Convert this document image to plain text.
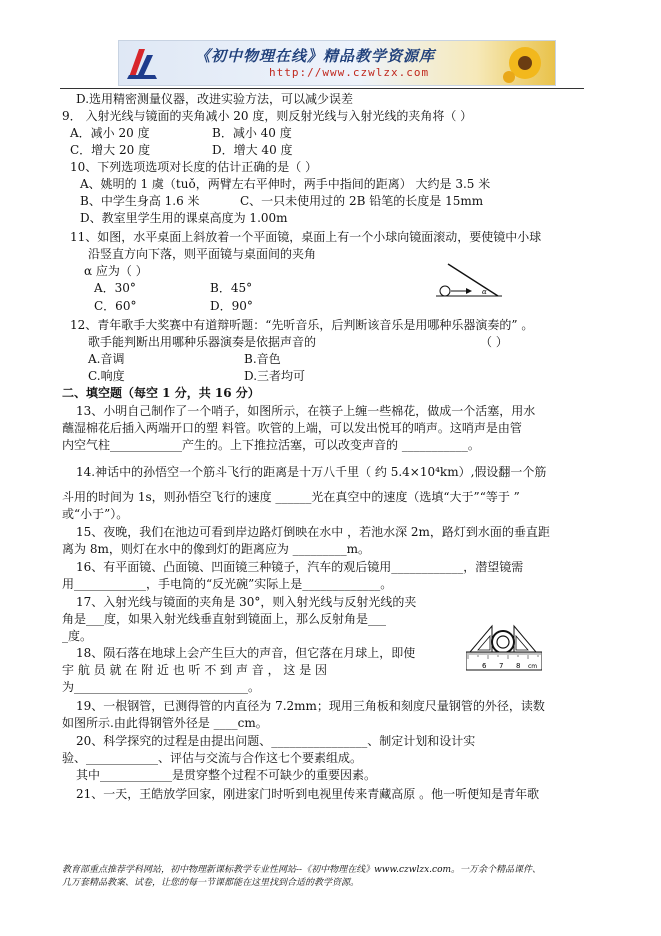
《初中物理在线》精品教学资源库
http://www.czwlzx.com
D.选用精密测量仪器，改进实验方法，可以减少误差
9． 入射光线与镜面的夹角减小 20 度，则反射光线与入射光线的夹角将（ ）
A．减小 20 度	B．减小 40 度
C．增大 20 度	D．增大 40 度
10、下列选项选项对长度的估计正确的是（ ）
A、姚明的 1 虞（tuǒ，两臂左右平伸时，两手中指间的距离） 大约是 3.5 米
B、中学生身高 1.6 米	C、一只未使用过的 2B 铅笔的长度是 15mm
D、教室里学生用的课桌高度为 1.00m
11、如图，水平桌面上斜放着一个平面镜，桌面上有一个小球向镜面滚动，要使镜中小球
沿竖直方向下落，则平面镜与桌面间的夹角
α 应为（ ）
A．30°	B．45°
C．60°	D．90°
α
12、青年歌手大奖赛中有道辩听题：“先听音乐，后判断该音乐是用哪种乐器演奏的” 。
歌手能判断出用哪种乐器演奏是依据声音的	（ ）
A.音调	B.音色
C.响度	D.三者均可
二、填空题（每空 1 分，共 16 分）
13、小明自己制作了一个哨子，如图所示，在筷子上缠一些棉花，做成一个活塞，用水
蘸湿棉花后插入两端开口的塑 料管。吹管的上端，可以发出悦耳的哨声。这哨声是由管
内空气柱____________产生的。上下推拉活塞，可以改变声音的 ___________。
14.神话中的孙悟空一个筋斗飞行的距离是十万八千里（ 约 5.4×10⁴km）,假设翻一个筋
斗用的时间为 1s，则孙悟空飞行的速度 ______光在真空中的速度（选填“大于”“等于 ”
或“小于”）。
15、夜晚，我们在池边可看到岸边路灯倒映在水中 ，若池水深 2m，路灯到水面的垂直距
离为 8m，则灯在水中的像到灯的距离应为 _________m。
16、有平面镜、凸面镜、凹面镜三种镜子，汽车的观后镜用____________，潜望镜需
用____________，手电筒的“反光碗”实际上是_____________。
17、入射光线与镜面的夹角是 30°，则入射光线与反射光线的夹
角是___度，如果入射光线垂直射到镜面上，那么反射角是___
_度。
18、陨石落在地球上会产生巨大的声音，但它落在月球上，即使
宇 航 员 就 在 附 近 也 听 不 到 声 音 ， 这 是 因
为_____________________________。
6 7 8 cm
19、一根钢管，已测得管的内直径为 7.2mm；现用三角板和刻度尺量钢管的外径，读数
如图所示.由此得钢管外径是 ____cm。
20、科学探究的过程是由提出问题、________________、制定计划和设计实
验、____________、评估与交流与合作这七个要素组成。
其中____________是贯穿整个过程不可缺少的重要因素。
21、一天，王皓放学回家，刚进家门时听到电视里传来青藏高原 。他一听便知是青年歌
教育部重点推荐学科网站，初中物理新课标教学专业性网站--《初中物理在线》www.czwlzx.com。一万余个精品课件、
几万套精品教案、试卷，让您的每一节课都能在这里找到合适的教学资源。
